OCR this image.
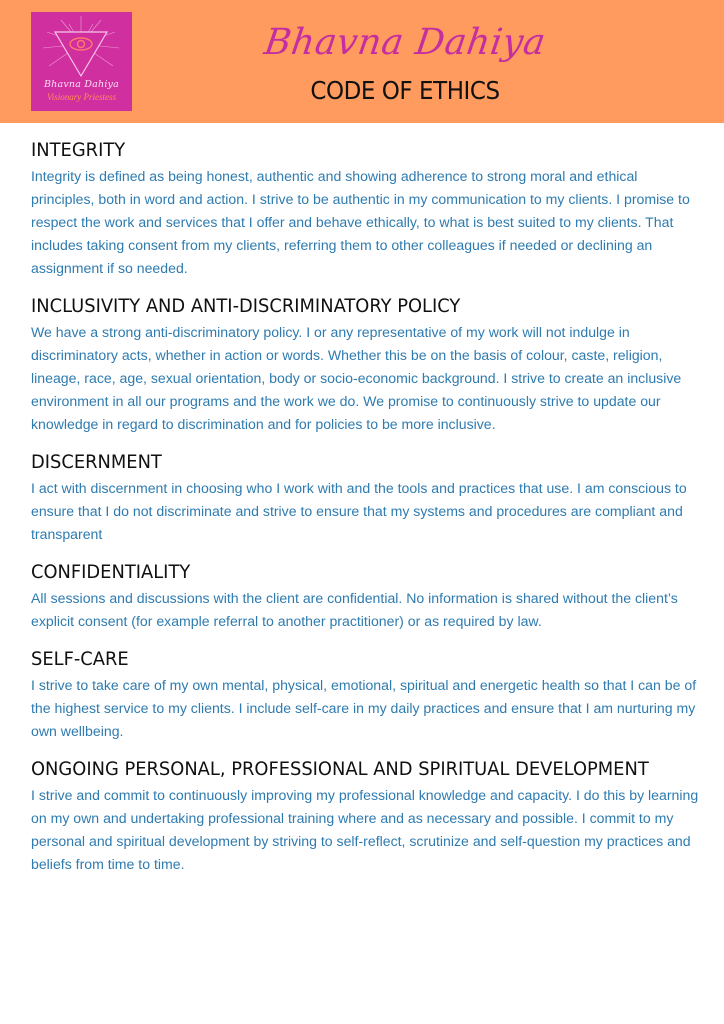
Bhavna Dahiya
Visionary Priestess
Bhavna Dahiya
CODE OF ETHICS
INTEGRITY

Integrity is defined as being honest, authentic and showing adherence to strong moral and ethical principles, both in word and action. I strive to be authentic in my communication to my clients. I promise to respect the work and services that I offer and behave ethically, to what is best suited to my clients. That includes taking consent from my clients, referring them to other colleagues if needed or declining an assignment if so needed.

INCLUSIVITY AND ANTI-DISCRIMINATORY POLICY

We have a strong anti-discriminatory policy. I or any representative of my work will not indulge in discriminatory acts, whether in action or words. Whether this be on the basis of colour, caste, religion, lineage, race, age, sexual orientation, body or socio-economic background. I strive to create an inclusive environment in all our programs and the work we do. We promise to continuously strive to update our knowledge in regard to discrimination and for policies to be more inclusive.

DISCERNMENT

I act with discernment in choosing who I work with and the tools and practices that use. I am conscious to ensure that I do not discriminate and strive to ensure that my systems and procedures are compliant and transparent

CONFIDENTIALITY

All sessions and discussions with the client are confidential. No information is shared without the client’s explicit consent (for example referral to another practitioner) or as required by law.

SELF-CARE

I strive to take care of my own mental, physical, emotional, spiritual and energetic health so that I can be of the highest service to my clients. I include self-care in my daily practices and ensure that I am nurturing my own wellbeing.

ONGOING PERSONAL, PROFESSIONAL AND SPIRITUAL DEVELOPMENT

I strive and commit to continuously improving my professional knowledge and capacity. I do this by learning on my own and undertaking professional training where and as necessary and possible. I commit to my personal and spiritual development by striving to self-reflect, scrutinize and self-question my practices and beliefs from time to time.
